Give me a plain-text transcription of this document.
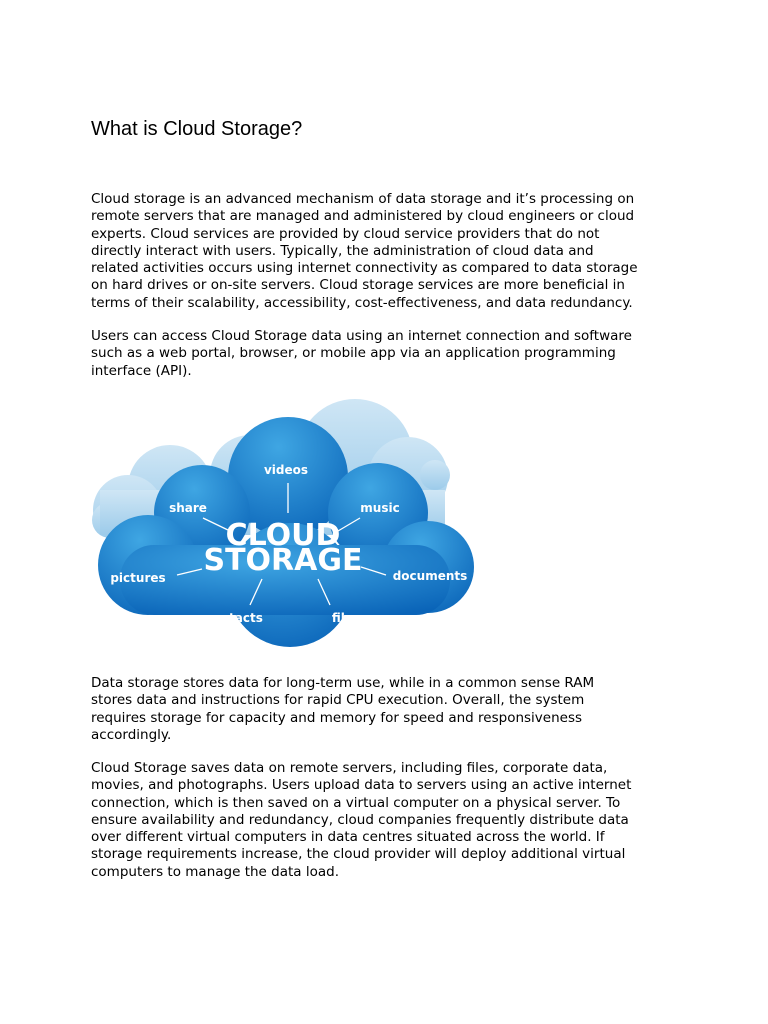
What is Cloud Storage?

Cloud storage is an advanced mechanism of data storage and it’s processing on
remote servers that are managed and administered by cloud engineers or cloud
experts. Cloud services are provided by cloud service providers that do not
directly interact with users. Typically, the administration of cloud data and
related activities occurs using internet connectivity as compared to data storage
on hard drives or on-site servers. Cloud storage services are more beneficial in
terms of their scalability, accessibility, cost-effectiveness, and data redundancy.

Users can access Cloud Storage data using an internet connection and software
such as a web portal, browser, or mobile app via an application programming
interface (API).

CLOUD
STORAGE
videos
share	music
pictures	documents
contacts	files

Data storage stores data for long-term use, while in a common sense RAM
stores data and instructions for rapid CPU execution. Overall, the system
requires storage for capacity and memory for speed and responsiveness
accordingly.

Cloud Storage saves data on remote servers, including files, corporate data,
movies, and photographs. Users upload data to servers using an active internet
connection, which is then saved on a virtual computer on a physical server. To
ensure availability and redundancy, cloud companies frequently distribute data
over different virtual computers in data centres situated across the world. If
storage requirements increase, the cloud provider will deploy additional virtual
computers to manage the data load.
